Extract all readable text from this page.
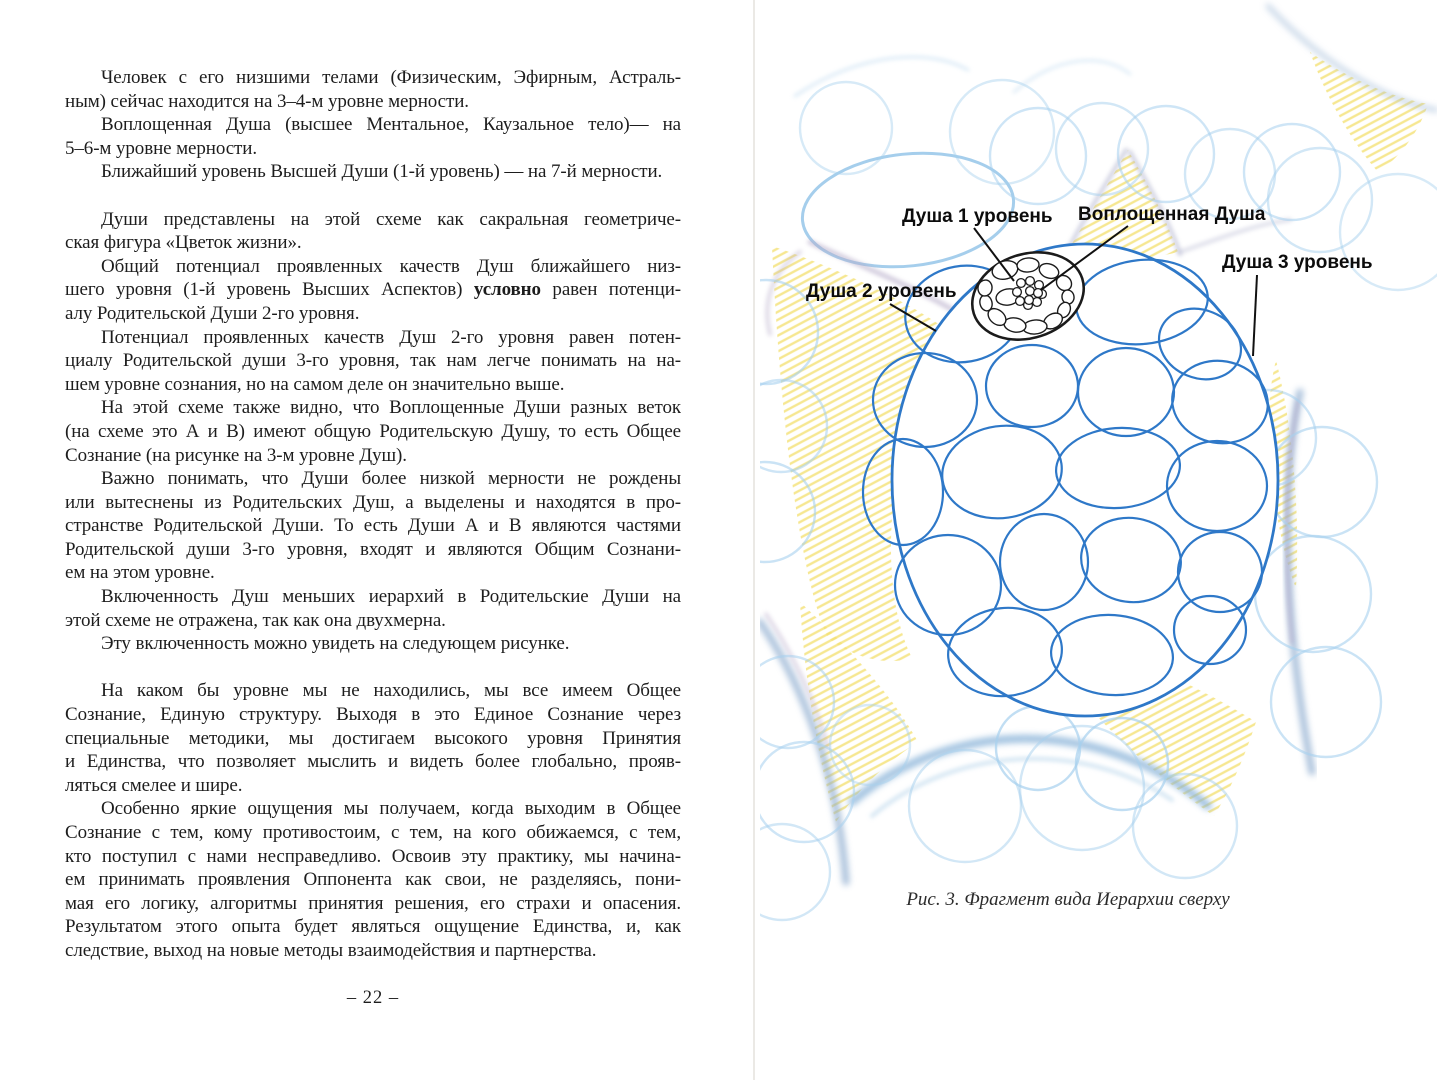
Человек с его низшими телами (Физическим, Эфирным, Астраль-
ным) сейчас находится на 3–4-м уровне мерности.
Воплощенная Душа (высшее Ментальное, Каузальное тело)— на
5–6-м уровне мерности.
Ближайший уровень Высшей Души (1-й уровень) — на 7-й мерности.
Души представлены на этой схеме как сакральная геометриче-
ская фигура «Цветок жизни».
Общий потенциал проявленных качеств Душ ближайшего низ-
шего уровня (1-й уровень Высших Аспектов) условно равен потенци-
алу Родительской Души 2-го уровня.
Потенциал проявленных качеств Душ 2-го уровня равен потен-
циалу Родительской души 3-го уровня, так нам легче понимать на на-
шем уровне сознания, но на самом деле он значительно выше.
На этой схеме также видно, что Воплощенные Души разных веток
(на схеме это А и В) имеют общую Родительскую Душу, то есть Общее
Сознание (на рисунке на 3-м уровне Душ).
Важно понимать, что Души более низкой мерности не рождены
или вытеснены из Родительских Душ, а выделены и находятся в про-
странстве Родительской Души. То есть Души А и В являются частями
Родительской души 3-го уровня, входят и являются Общим Сознани-
ем на этом уровне.
Включенность Душ меньших иерархий в Родительские Души на
этой схеме не отражена, так как она двухмерна.
Эту включенность можно увидеть на следующем рисунке.
На каком бы уровне мы не находились, мы все имеем Общее
Сознание, Единую структуру. Выходя в это Единое Сознание через
специальные методики, мы достигаем высокого уровня Принятия
и Единства, что позволяет мыслить и видеть более глобально, прояв-
ляться смелее и шире.
Особенно яркие ощущения мы получаем, когда выходим в Общее
Сознание с тем, кому противостоим, с тем, на кого обижаемся, с тем,
кто поступил с нами несправедливо. Освоив эту практику, мы начина-
ем принимать проявления Оппонента как свои, не разделяясь, пони-
мая его логику, алгоритмы принятия решения, его страхи и опасения.
Результатом этого опыта будет являться ощущение Единства, и, как
следствие, выход на новые методы взаимодействия и партнерства.
– 22 –
Душа 1 уровень Воплощенная Душа
Душа 2 уровень
Душа 3 уровень
Рис. 3. Фрагмент вида Иерархии сверху
